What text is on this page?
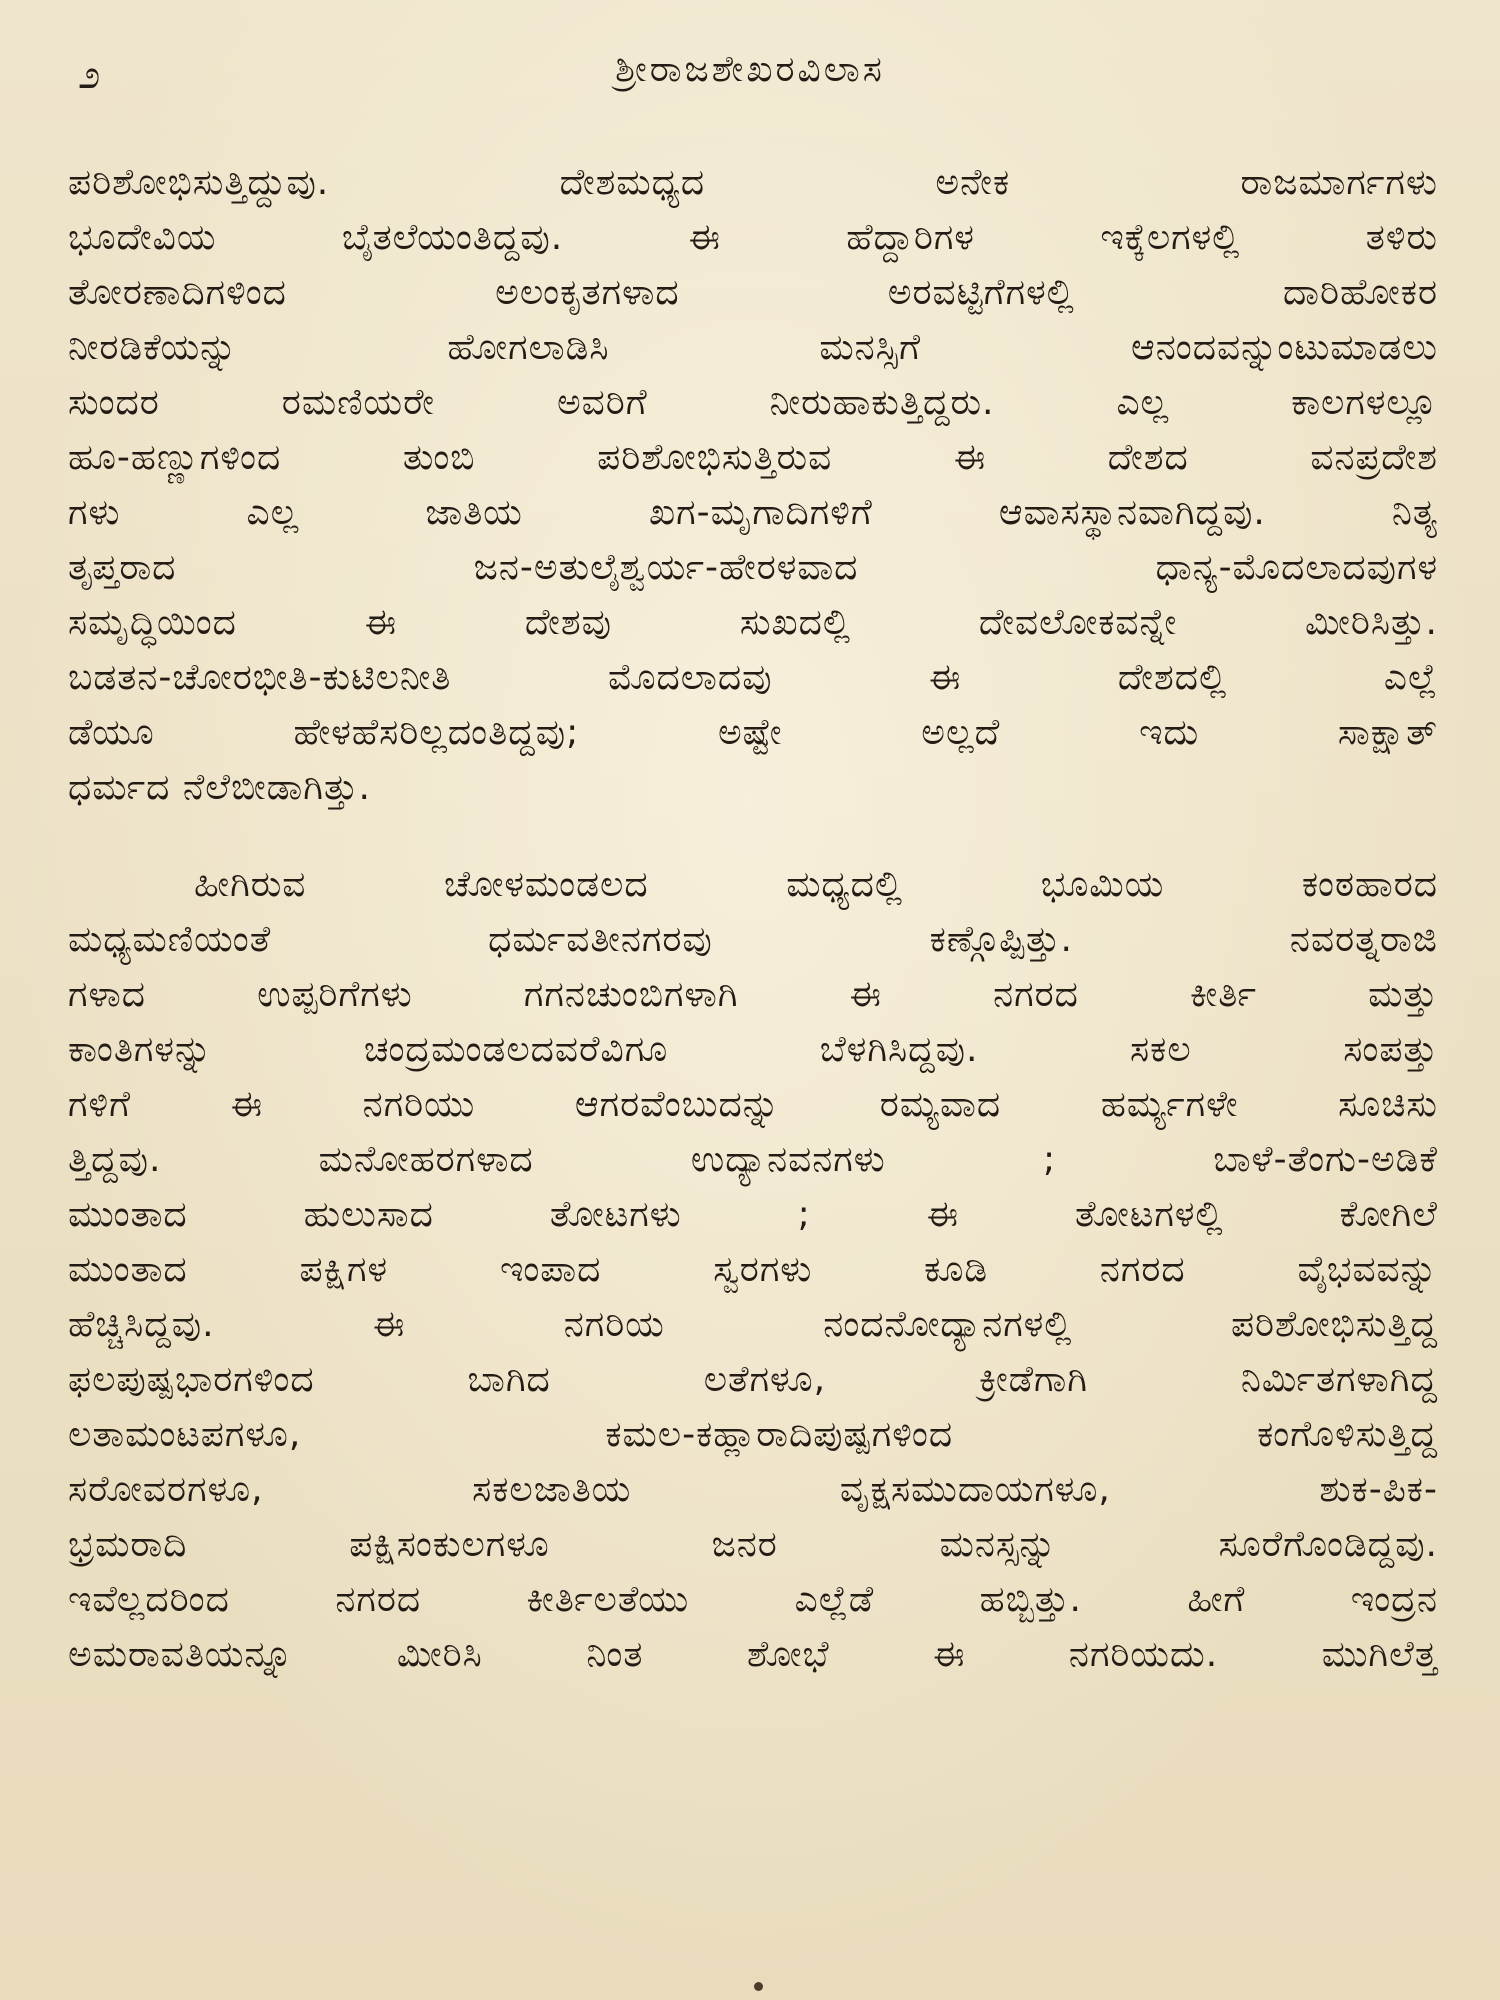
೨	ಶ್ರೀರಾಜಶೇಖರವಿಲಾಸ
ಪರಿಶೋಭಿಸುತ್ತಿದ್ದುವು. ದೇಶಮಧ್ಯದ ಅನೇಕ ರಾಜಮಾರ್ಗಗಳು
ಭೂದೇವಿಯ ಬೈತಲೆಯಂತಿದ್ದವು. ಈ ಹೆದ್ದಾರಿಗಳ ಇಕ್ಕೆಲಗಳಲ್ಲಿ ತಳಿರು
ತೋರಣಾದಿಗಳಿಂದ ಅಲಂಕೃತಗಳಾದ ಅರವಟ್ಟಿಗೆಗಳಲ್ಲಿ ದಾರಿಹೋಕರ
ನೀರಡಿಕೆಯನ್ನು ಹೋಗಲಾಡಿಸಿ ಮನಸ್ಸಿಗೆ ಆನಂದವನ್ನುಂಟುಮಾಡಲು
ಸುಂದರ ರಮಣಿಯರೇ ಅವರಿಗೆ ನೀರುಹಾಕುತ್ತಿದ್ದರು. ಎಲ್ಲ ಕಾಲಗಳಲ್ಲೂ
ಹೂ-ಹಣ್ಣುಗಳಿಂದ ತುಂಬಿ ಪರಿಶೋಭಿಸುತ್ತಿರುವ ಈ ದೇಶದ ವನಪ್ರದೇಶ
ಗಳು ಎಲ್ಲ ಜಾತಿಯ ಖಗ-ಮೃಗಾದಿಗಳಿಗೆ ಆವಾಸಸ್ಥಾನವಾಗಿದ್ದವು. ನಿತ್ಯ
ತೃಪ್ತರಾದ ಜನ-ಅತುಲೈಶ್ವರ್ಯ-ಹೇರಳವಾದ ಧಾನ್ಯ-ಮೊದಲಾದವುಗಳ
ಸಮೃದ್ಧಿಯಿಂದ ಈ ದೇಶವು ಸುಖದಲ್ಲಿ ದೇವಲೋಕವನ್ನೇ ಮೀರಿಸಿತ್ತು.
ಬಡತನ-ಚೋರಭೀತಿ-ಕುಟಿಲನೀತಿ ಮೊದಲಾದವು ಈ ದೇಶದಲ್ಲಿ ಎಲ್ಲೆ
ಡೆಯೂ ಹೇಳಹೆಸರಿಲ್ಲದಂತಿದ್ದವು; ಅಷ್ಟೇ ಅಲ್ಲದೆ ಇದು ಸಾಕ್ಷಾತ್
ಧರ್ಮದ ನೆಲೆಬೀಡಾಗಿತ್ತು.
ಹೀಗಿರುವ ಚೋಳಮಂಡಲದ ಮಧ್ಯದಲ್ಲಿ ಭೂಮಿಯ ಕಂಠಹಾರದ
ಮಧ್ಯಮಣಿಯಂತೆ ಧರ್ಮವತೀನಗರವು ಕಣ್ಗೊಪ್ಪಿತ್ತು. ನವರತ್ನರಾಜಿ
ಗಳಾದ ಉಪ್ಪರಿಗೆಗಳು ಗಗನಚುಂಬಿಗಳಾಗಿ ಈ ನಗರದ ಕೀರ್ತಿ ಮತ್ತು
ಕಾಂತಿಗಳನ್ನು ಚಂದ್ರಮಂಡಲದವರೆವಿಗೂ ಬೆಳಗಿಸಿದ್ದವು. ಸಕಲ ಸಂಪತ್ತು
ಗಳಿಗೆ ಈ ನಗರಿಯು ಆಗರವೆಂಬುದನ್ನು ರಮ್ಯವಾದ ಹರ್ಮ್ಯಗಳೇ ಸೂಚಿಸು
ತ್ತಿದ್ದವು. ಮನೋಹರಗಳಾದ ಉದ್ಯಾನವನಗಳು ; ಬಾಳೆ-ತೆಂಗು-ಅಡಿಕೆ
ಮುಂತಾದ ಹುಲುಸಾದ ತೋಟಗಳು ; ಈ ತೋಟಗಳಲ್ಲಿ ಕೋಗಿಲೆ
ಮುಂತಾದ ಪಕ್ಷಿಗಳ ಇಂಪಾದ ಸ್ವರಗಳು ಕೂಡಿ ನಗರದ ವೈಭವವನ್ನು
ಹೆಚ್ಚಿಸಿದ್ದವು. ಈ ನಗರಿಯ ನಂದನೋದ್ಯಾನಗಳಲ್ಲಿ ಪರಿಶೋಭಿಸುತ್ತಿದ್ದ
ಫಲಪುಷ್ಪಭಾರಗಳಿಂದ ಬಾಗಿದ ಲತೆಗಳೂ, ಕ್ರೀಡೆಗಾಗಿ ನಿರ್ಮಿತಗಳಾಗಿದ್ದ
ಲತಾಮಂಟಪಗಳೂ, ಕಮಲ-ಕಹ್ಲಾರಾದಿಪುಷ್ಪಗಳಿಂದ ಕಂಗೊಳಿಸುತ್ತಿದ್ದ
ಸರೋವರಗಳೂ, ಸಕಲಜಾತಿಯ ವೃಕ್ಷಸಮುದಾಯಗಳೂ, ಶುಕ-ಪಿಕ-
ಭ್ರಮರಾದಿ ಪಕ್ಷಿಸಂಕುಲಗಳೂ ಜನರ ಮನಸ್ಸನ್ನು ಸೂರೆಗೊಂಡಿದ್ದವು.
ಇವೆಲ್ಲದರಿಂದ ನಗರದ ಕೀರ್ತಿಲತೆಯು ಎಲ್ಲೆಡೆ ಹಬ್ಬಿತ್ತು. ಹೀಗೆ ಇಂದ್ರನ
ಅಮರಾವತಿಯನ್ನೂ ಮೀರಿಸಿ ನಿಂತ ಶೋಭೆ ಈ ನಗರಿಯದು. ಮುಗಿಲೆತ್ತ
